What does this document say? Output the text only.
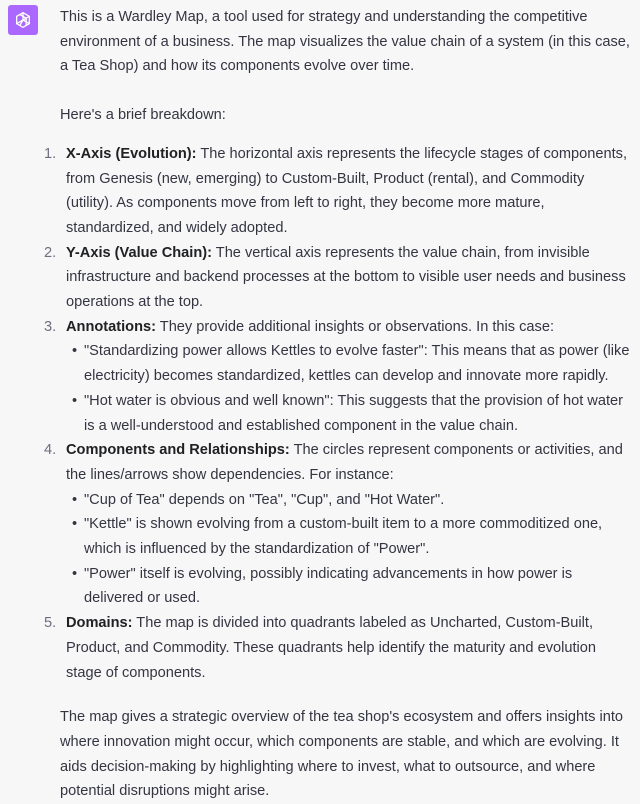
This is a Wardley Map, a tool used for strategy and understanding the competitive environment of a business. The map visualizes the value chain of a system (in this case, a Tea Shop) and how its components evolve over time.

Here's a brief breakdown:

1. X-Axis (Evolution): The horizontal axis represents the lifecycle stages of components, from Genesis (new, emerging) to Custom-Built, Product (rental), and Commodity (utility). As components move from left to right, they become more mature, standardized, and widely adopted.
2. Y-Axis (Value Chain): The vertical axis represents the value chain, from invisible infrastructure and backend processes at the bottom to visible user needs and business operations at the top.
3. Annotations: They provide additional insights or observations. In this case:
• "Standardizing power allows Kettles to evolve faster": This means that as power (like electricity) becomes standardized, kettles can develop and innovate more rapidly.
• "Hot water is obvious and well known": This suggests that the provision of hot water is a well-understood and established component in the value chain.
4. Components and Relationships: The circles represent components or activities, and the lines/arrows show dependencies. For instance:
• "Cup of Tea" depends on "Tea", "Cup", and "Hot Water".
• "Kettle" is shown evolving from a custom-built item to a more commoditized one, which is influenced by the standardization of "Power".
• "Power" itself is evolving, possibly indicating advancements in how power is delivered or used.
5. Domains: The map is divided into quadrants labeled as Uncharted, Custom-Built, Product, and Commodity. These quadrants help identify the maturity and evolution stage of components.

The map gives a strategic overview of the tea shop's ecosystem and offers insights into where innovation might occur, which components are stable, and which are evolving. It aids decision-making by highlighting where to invest, what to outsource, and where potential disruptions might arise.
